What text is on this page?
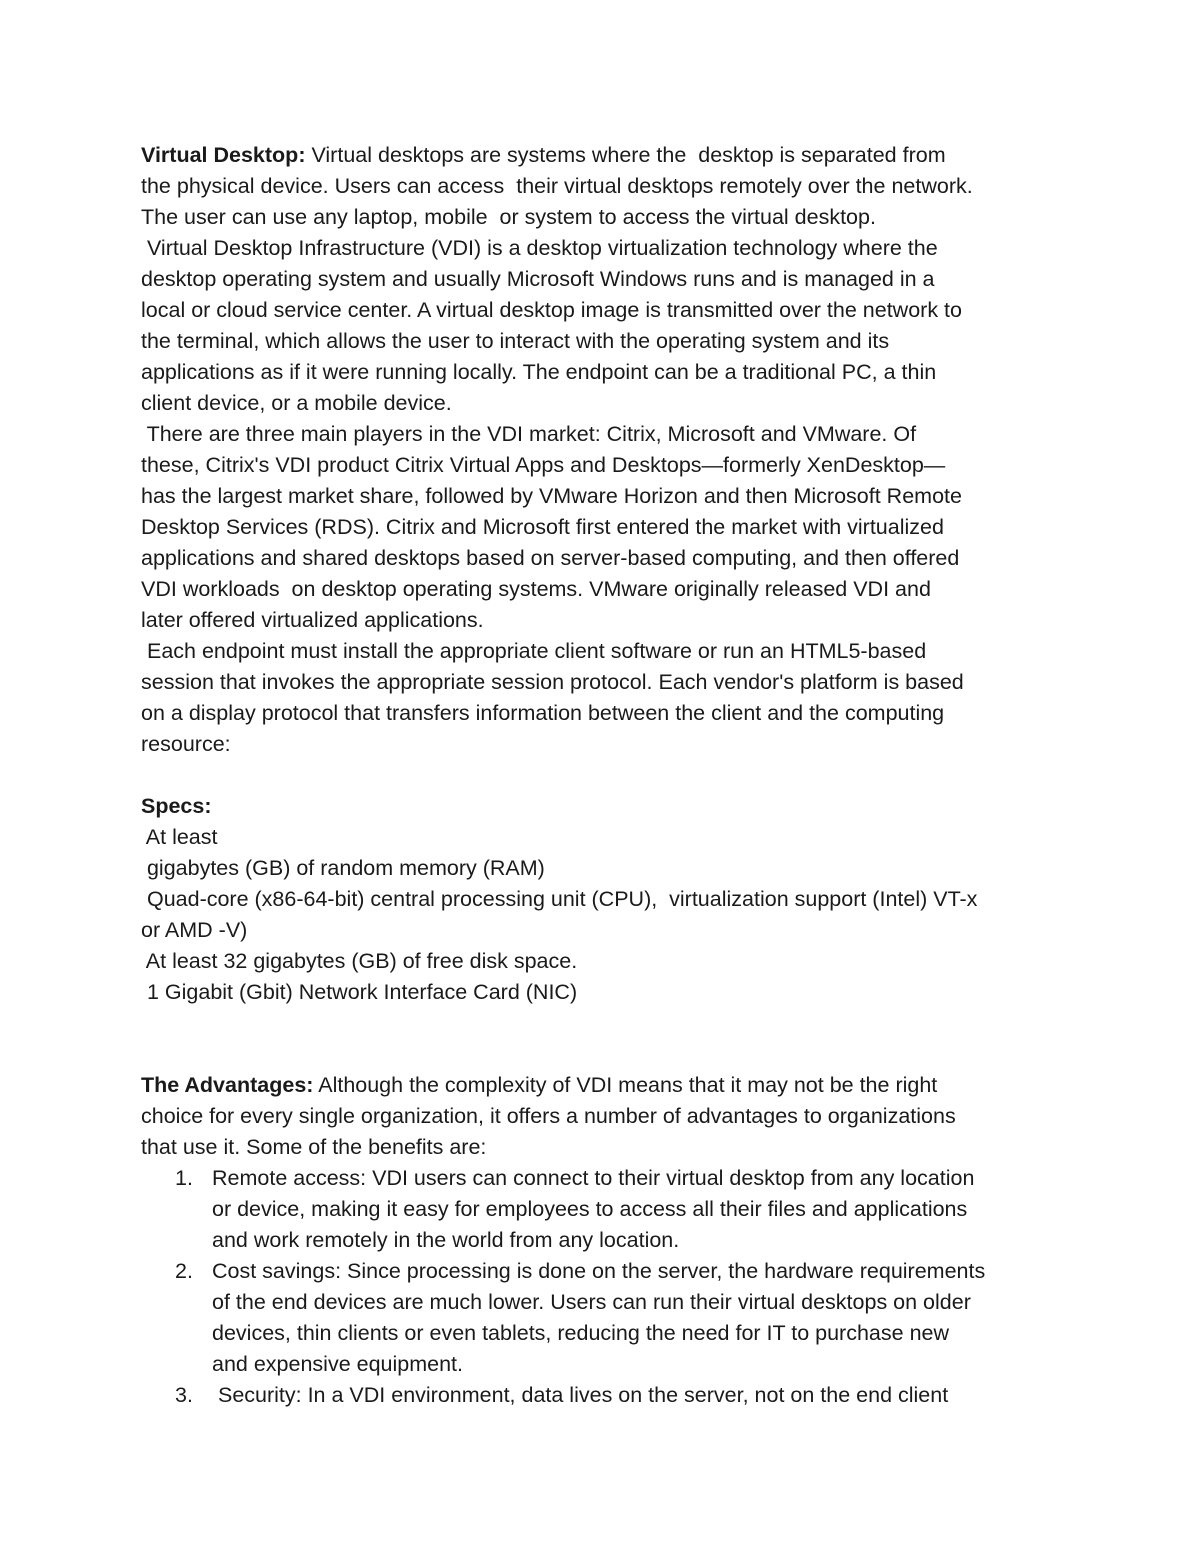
Virtual Desktop: Virtual desktops are systems where the  desktop is separated from
the physical device. Users can access  their virtual desktops remotely over the network.
The user can use any laptop, mobile  or system to access the virtual desktop.
Virtual Desktop Infrastructure (VDI) is a desktop virtualization technology where the
desktop operating system and usually Microsoft Windows runs and is managed in a
local or cloud service center. A virtual desktop image is transmitted over the network to
the terminal, which allows the user to interact with the operating system and its
applications as if it were running locally. The endpoint can be a traditional PC, a thin
client device, or a mobile device.
There are three main players in the VDI market: Citrix, Microsoft and VMware. Of
these, Citrix's VDI product Citrix Virtual Apps and Desktops—formerly XenDesktop—
has the largest market share, followed by VMware Horizon and then Microsoft Remote
Desktop Services (RDS). Citrix and Microsoft first entered the market with virtualized
applications and shared desktops based on server-based computing, and then offered
VDI workloads  on desktop operating systems. VMware originally released VDI and
later offered virtualized applications.
Each endpoint must install the appropriate client software or run an HTML5-based
session that invokes the appropriate session protocol. Each vendor's platform is based
on a display protocol that transfers information between the client and the computing
resource:
Specs:
At least
gigabytes (GB) of random memory (RAM)
Quad-core (x86-64-bit) central processing unit (CPU),  virtualization support (Intel) VT-x
or AMD -V)
At least 32 gigabytes (GB) of free disk space.
1 Gigabit (Gbit) Network Interface Card (NIC)
The Advantages: Although the complexity of VDI means that it may not be the right
choice for every single organization, it offers a number of advantages to organizations
that use it. Some of the benefits are:
1. Remote access: VDI users can connect to their virtual desktop from any location
or device, making it easy for employees to access all their files and applications
and work remotely in the world from any location.
2. Cost savings: Since processing is done on the server, the hardware requirements
of the end devices are much lower. Users can run their virtual desktops on older
devices, thin clients or even tablets, reducing the need for IT to purchase new
and expensive equipment.
3. Security: In a VDI environment, data lives on the server, not on the end client
